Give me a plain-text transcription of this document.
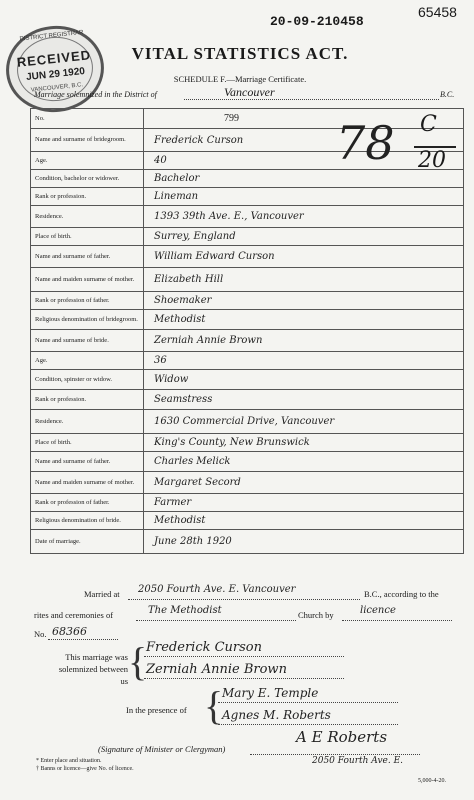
DISTRICT REGISTRAR
RECEIVED
JUN 29 1920
VANCOUVER, B.C.
20-09-210458
65458
VITAL STATISTICS ACT.
SCHEDULE F.—Marriage Certificate.
Marriage solemnized in the District of	Vancouver	B.C.
No.	799
Name and surname of bridegroom.	Frederick Curson
Age.	40
Condition, bachelor or widower.	Bachelor
Rank or profession.	Lineman
Residence.	1393 39th Ave. E., Vancouver
Place of birth.	Surrey, England
Name and surname of father.	William Edward Curson
Name and maiden surname of mother.	Elizabeth Hill
Rank or profession of father.	Shoemaker
Religious denomination of bridegroom.	Methodist
Name and surname of bride.	Zerniah Annie Brown
Age.	36
Condition, spinster or widow.	Widow
Rank or profession.	Seamstress
Residence.	1630 Commercial Drive, Vancouver
Place of birth.	King's County, New Brunswick
Name and surname of father.	Charles Melick
Name and maiden surname of mother.	Margaret Secord
Rank or profession of father.	Farmer
Religious denomination of bride.	Methodist
Date of marriage.	June 28th 1920
78 C
20
Married at 2050 Fourth Ave. E. Vancouver	B.C., according to the
rites and ceremonies of	The Methodist	Church by	licence
No. 68366
This marriage was solemnized between us {
Frederick Curson
Zerniah Annie Brown
In the presence of {
Mary E. Temple
Agnes M. Roberts
A E Roberts
(Signature of Minister or Clergyman)
2050 Fourth Ave. E.
* Enter place and situation.
† Banns or licence—give No. of licence.
5,000-4-20.
